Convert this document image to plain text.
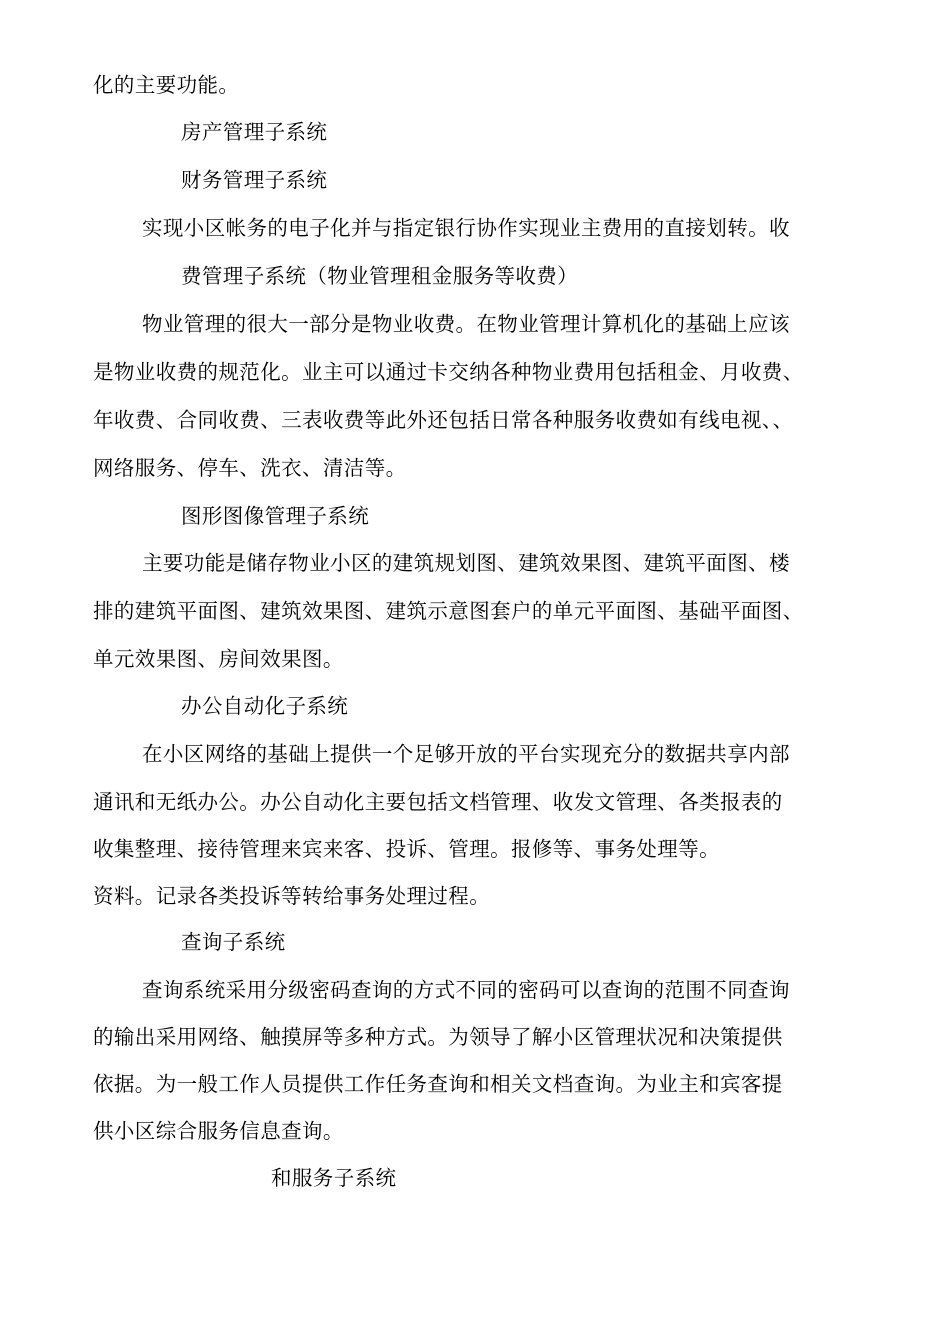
化的主要功能。
房产管理子系统
财务管理子系统
实现小区帐务的电子化并与指定银行协作实现业主费用的直接划转。收
费管理子系统（物业管理租金服务等收费）
物业管理的很大一部分是物业收费。在物业管理计算机化的基础上应该
是物业收费的规范化。业主可以通过卡交纳各种物业费用包括租金、月收费、
年收费、合同收费、三表收费等此外还包括日常各种服务收费如有线电视、、
网络服务、停车、洗衣、清洁等。
图形图像管理子系统
主要功能是储存物业小区的建筑规划图、建筑效果图、建筑平面图、楼
排的建筑平面图、建筑效果图、建筑示意图套户的单元平面图、基础平面图、
单元效果图、房间效果图。
办公自动化子系统
在小区网络的基础上提供一个足够开放的平台实现充分的数据共享内部
通讯和无纸办公。办公自动化主要包括文档管理、收发文管理、各类报表的
收集整理、接待管理来宾来客、投诉、管理。报修等、事务处理等。
资料。记录各类投诉等转给事务处理过程。
查询子系统
查询系统采用分级密码查询的方式不同的密码可以查询的范围不同查询
的输出采用网络、触摸屏等多种方式。为领导了解小区管理状况和决策提供
依据。为一般工作人员提供工作任务查询和相关文档查询。为业主和宾客提
供小区综合服务信息查询。
和服务子系统
